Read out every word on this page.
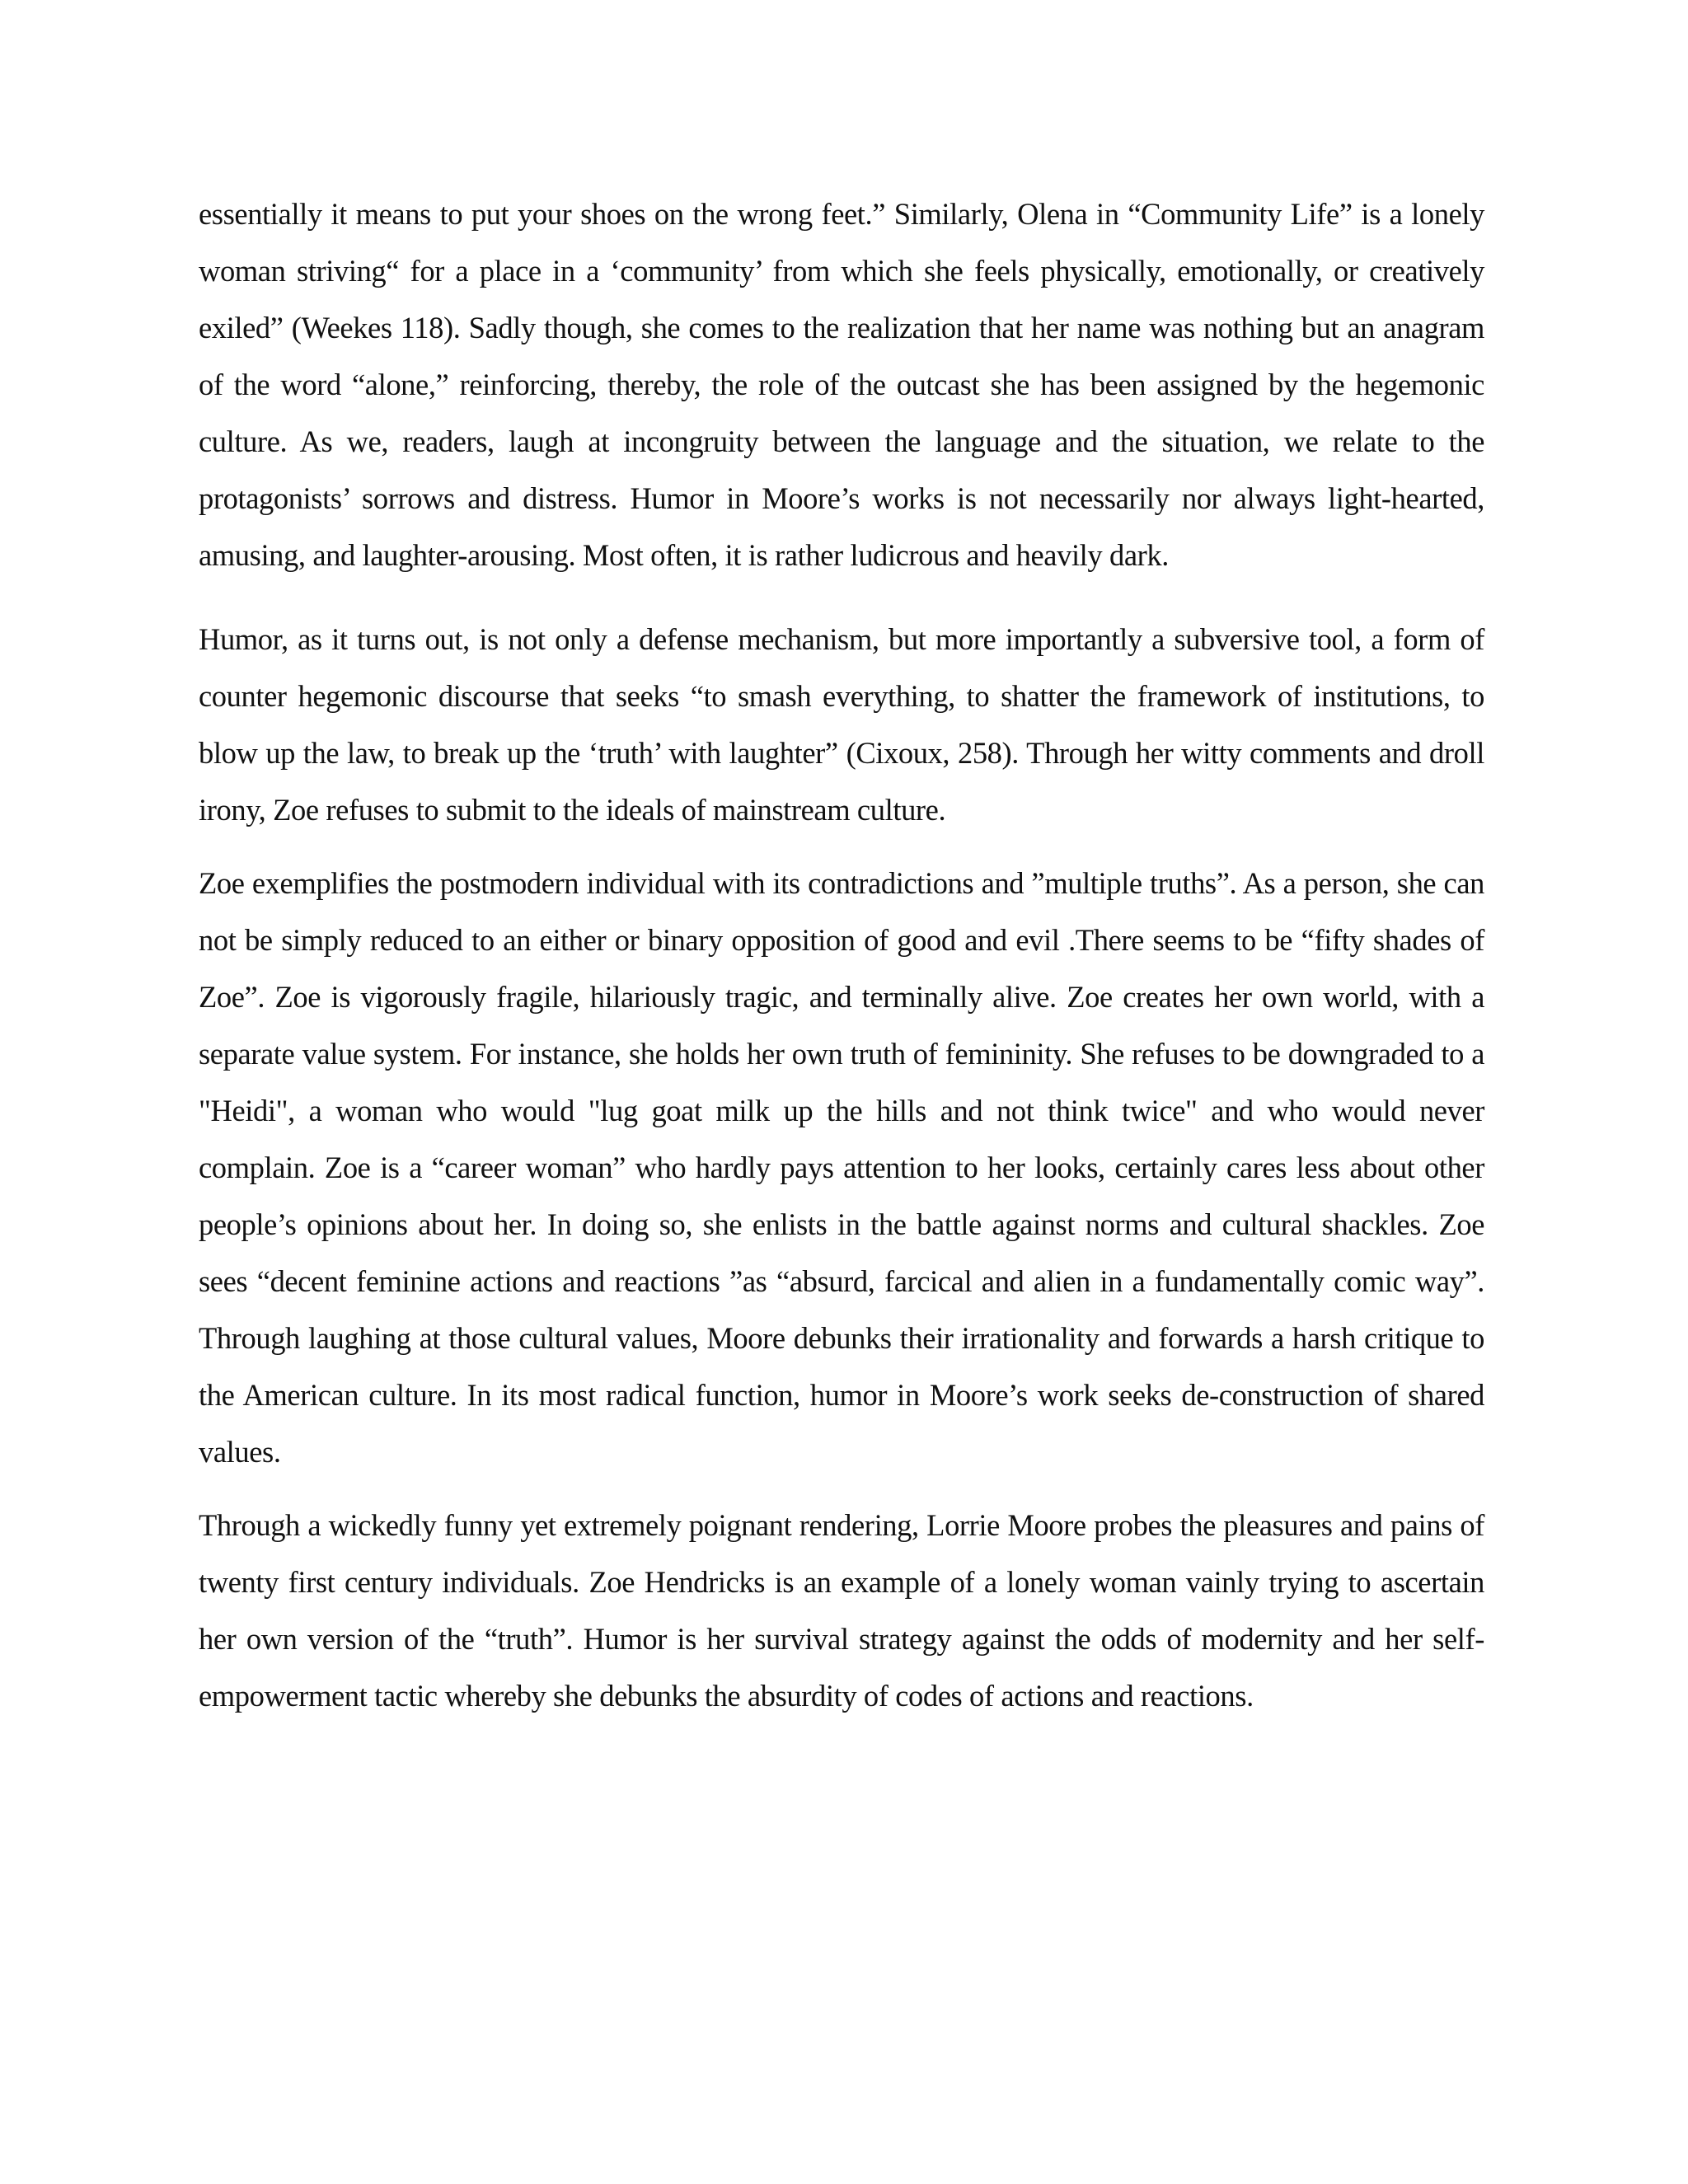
essentially it means to put your shoes on the wrong feet.” Similarly, Olena in “Community Life” is a lonely woman striving“ for a place in a ‘community’ from which she feels physically, emotionally, or creatively exiled” (Weekes 118). Sadly though, she comes to the realization that her name was nothing but an anagram of the word “alone,” reinforcing, thereby, the role of the outcast she has been assigned by the hegemonic culture. As we, readers, laugh at incongruity between the language and the situation, we relate to the protagonists’ sorrows and distress. Humor in Moore’s works is not necessarily nor always light-hearted, amusing, and laughter-arousing. Most often, it is rather ludicrous and heavily dark.

Humor, as it turns out, is not only a defense mechanism, but more importantly a subversive tool, a form of counter hegemonic discourse that seeks “to smash everything, to shatter the framework of institutions, to blow up the law, to break up the ‘truth’ with laughter” (Cixoux, 258). Through her witty comments and droll irony, Zoe refuses to submit to the ideals of mainstream culture.

Zoe exemplifies the postmodern individual with its contradictions and ”multiple truths”. As a person, she can not be simply reduced to an either or binary opposition of good and evil .There seems to be “fifty shades of Zoe”. Zoe is vigorously fragile, hilariously tragic, and terminally alive. Zoe creates her own world, with a separate value system. For instance, she holds her own truth of femininity. She refuses to be downgraded to a "Heidi", a woman who would "lug goat milk up the hills and not think twice" and who would never complain. Zoe is a “career woman” who hardly pays attention to her looks, certainly cares less about other people’s opinions about her. In doing so, she enlists in the battle against norms and cultural shackles. Zoe sees “decent feminine actions and reactions ”as “absurd, farcical and alien in a fundamentally comic way”. Through laughing at those cultural values, Moore debunks their irrationality and forwards a harsh critique to the American culture. In its most radical function, humor in Moore’s work seeks de-construction of shared values.

Through a wickedly funny yet extremely poignant rendering, Lorrie Moore probes the pleasures and pains of twenty first century individuals. Zoe Hendricks is an example of a lonely woman vainly trying to ascertain her own version of the “truth”. Humor is her survival strategy against the odds of modernity and her self-empowerment tactic whereby she debunks the absurdity of codes of actions and reactions.
